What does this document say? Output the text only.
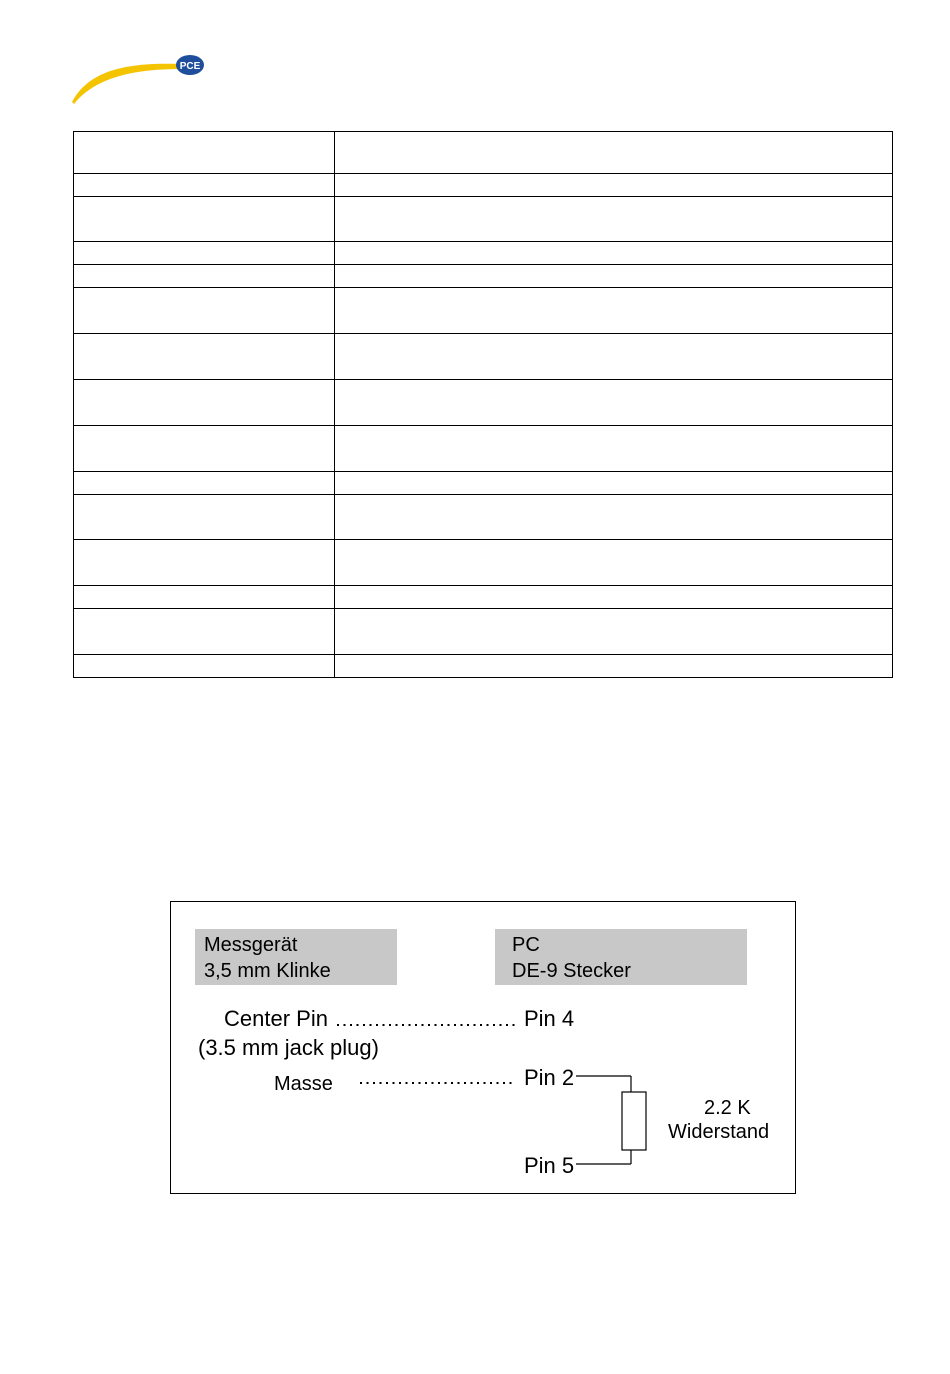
PCE

Messgerät
3,5 mm Klinke
PC
DE-9 Stecker
Center Pin	Pin 4
(3.5 mm jack plug)
Masse	Pin 2
Pin 5
2.2 K
Widerstand
